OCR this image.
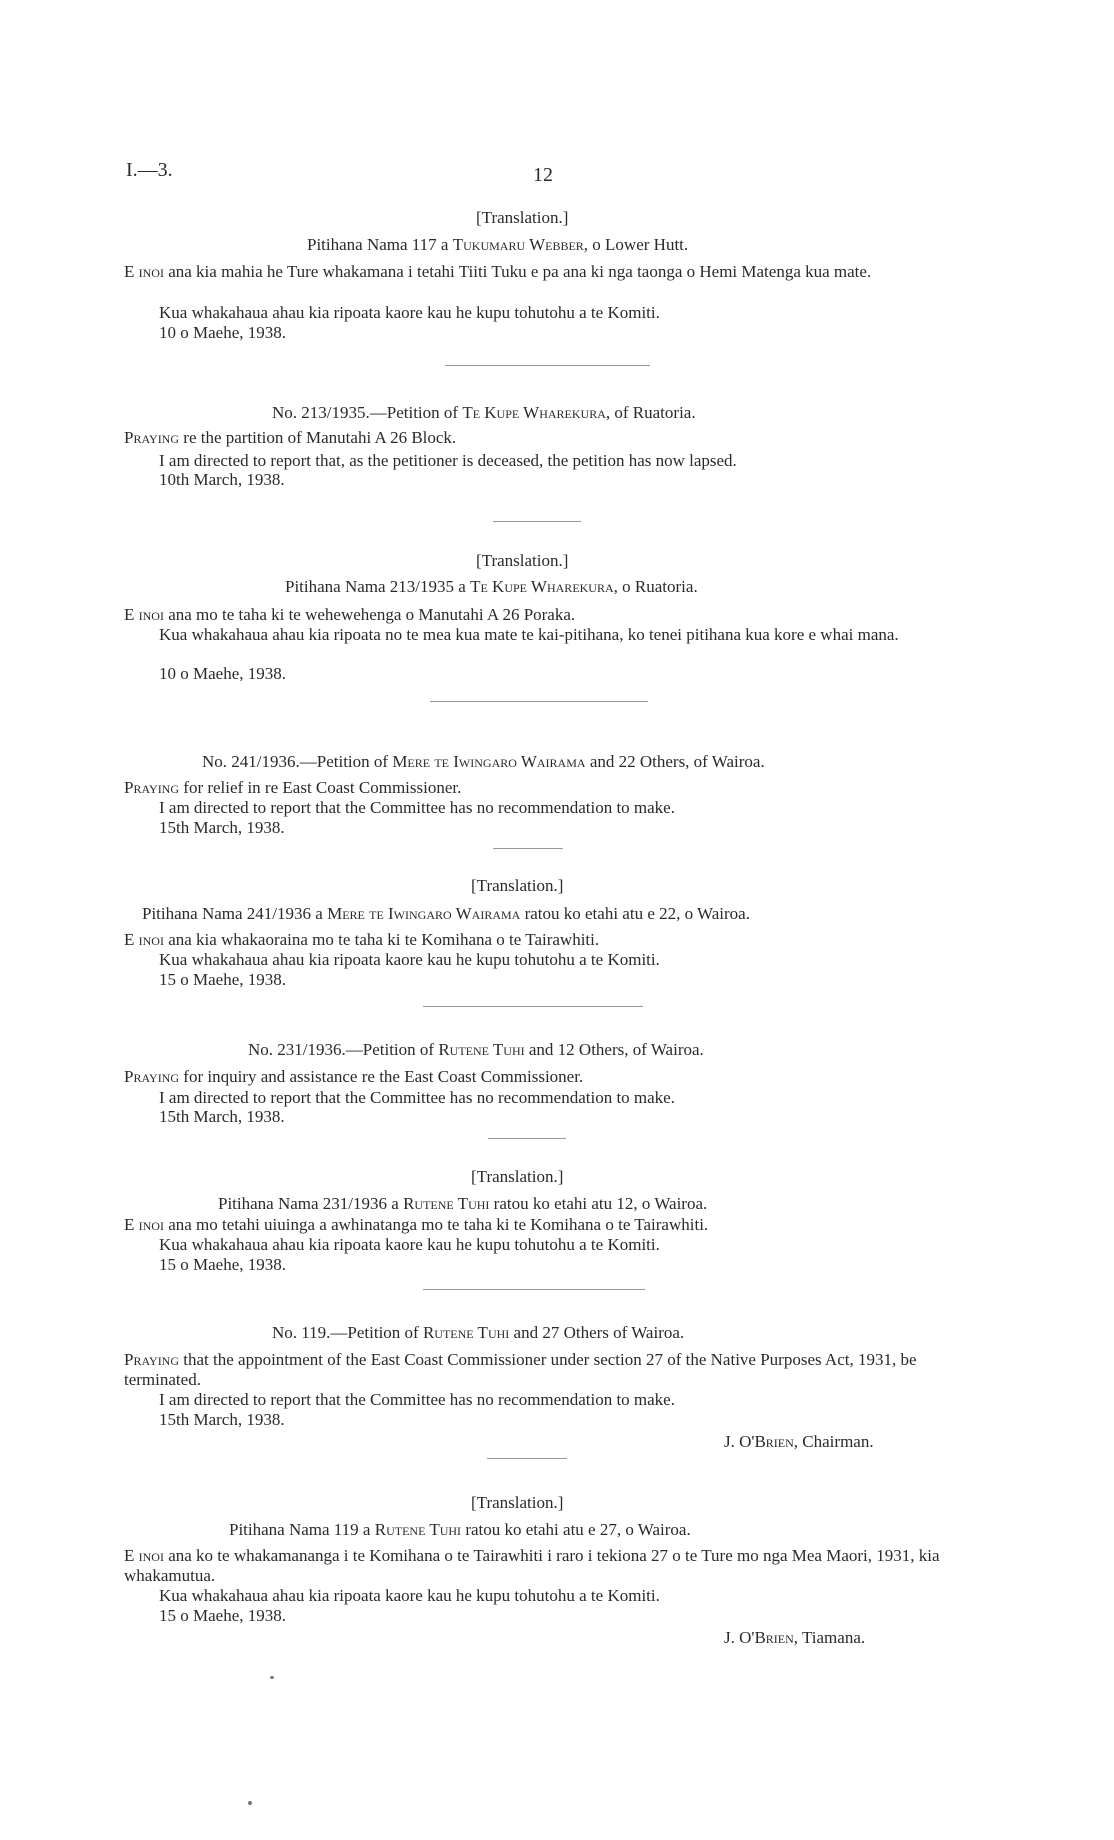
I.—3.	12
[Translation.]
Pitihana Nama 117 a Tukumaru Webber, o Lower Hutt.
E inoi ana kia mahia he Ture whakamana i tetahi Tiiti Tuku e pa ana ki nga taonga o Hemi Matenga kua mate.
Kua whakahaua ahau kia ripoata kaore kau he kupu tohutohu a te Komiti.
10 o Maehe, 1938.
No. 213/1935.—Petition of Te Kupe Wharekura, of Ruatoria.
Praying re the partition of Manutahi A 26 Block.
I am directed to report that, as the petitioner is deceased, the petition has now lapsed.
10th March, 1938.
[Translation.]
Pitihana Nama 213/1935 a Te Kupe Wharekura, o Ruatoria.
E inoi ana mo te taha ki te wehewehenga o Manutahi A 26 Poraka.
Kua whakahaua ahau kia ripoata no te mea kua mate te kai-pitihana, ko tenei pitihana kua kore e whai mana.
10 o Maehe, 1938.
No. 241/1936.—Petition of Mere te Iwingaro Wairama and 22 Others, of Wairoa.
Praying for relief in re East Coast Commissioner.
I am directed to report that the Committee has no recommendation to make.
15th March, 1938.
[Translation.]
Pitihana Nama 241/1936 a Mere te Iwingaro Wairama ratou ko etahi atu e 22, o Wairoa.
E inoi ana kia whakaoraina mo te taha ki te Komihana o te Tairawhiti.
Kua whakahaua ahau kia ripoata kaore kau he kupu tohutohu a te Komiti.
15 o Maehe, 1938.
No. 231/1936.—Petition of Rutene Tuhi and 12 Others, of Wairoa.
Praying for inquiry and assistance re the East Coast Commissioner.
I am directed to report that the Committee has no recommendation to make.
15th March, 1938.
[Translation.]
Pitihana Nama 231/1936 a Rutene Tuhi ratou ko etahi atu 12, o Wairoa.
E inoi ana mo tetahi uiuinga a awhinatanga mo te taha ki te Komihana o te Tairawhiti.
Kua whakahaua ahau kia ripoata kaore kau he kupu tohutohu a te Komiti.
15 o Maehe, 1938.
No. 119.—Petition of Rutene Tuhi and 27 Others of Wairoa.
Praying that the appointment of the East Coast Commissioner under section 27 of the Native Purposes Act, 1931, be terminated.
I am directed to report that the Committee has no recommendation to make.
15th March, 1938.
J. O'Brien, Chairman.
[Translation.]
Pitihana Nama 119 a Rutene Tuhi ratou ko etahi atu e 27, o Wairoa.
E inoi ana ko te whakamananga i te Komihana o te Tairawhiti i raro i tekiona 27 o te Ture mo nga Mea Maori, 1931, kia whakamutua.
Kua whakahaua ahau kia ripoata kaore kau he kupu tohutohu a te Komiti.
15 o Maehe, 1938.
J. O'Brien, Tiamana.
